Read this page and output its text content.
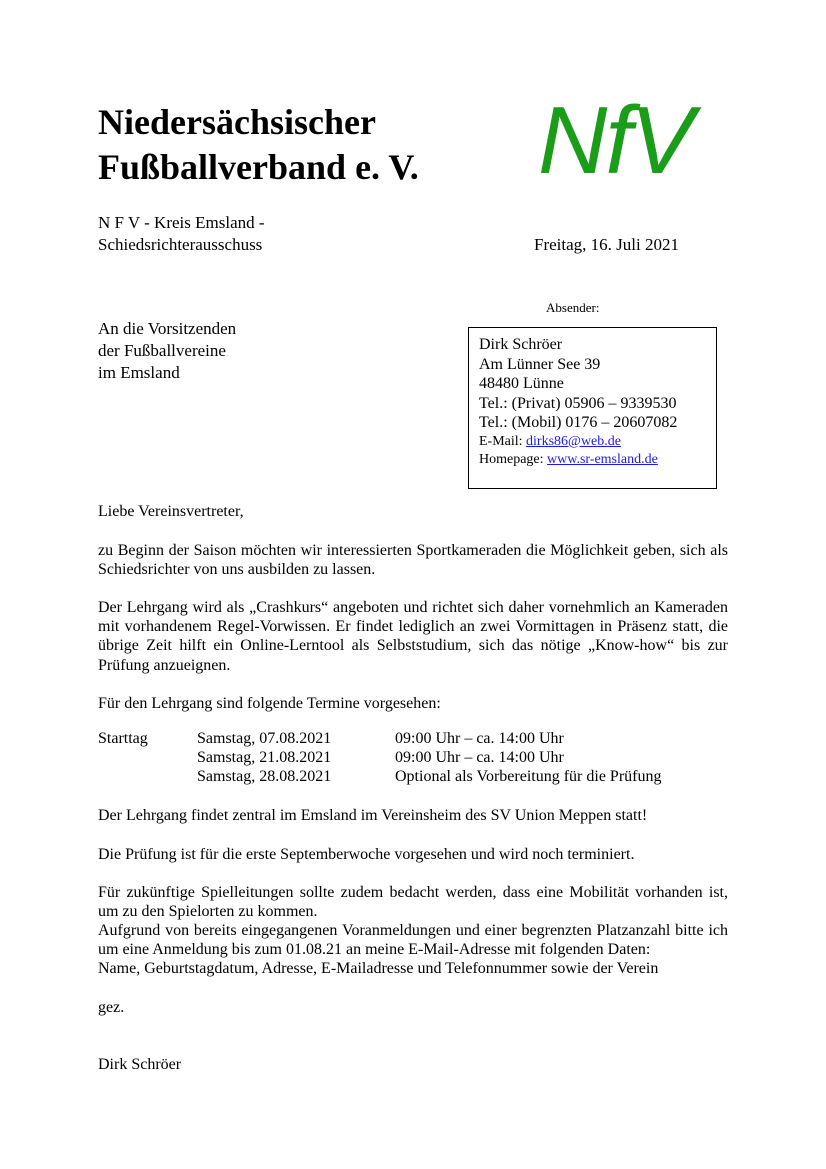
Niedersächsischer
Fußballverband e. V. NfV
N F V - Kreis Emsland -
Schiedsrichterausschuss	Freitag, 16. Juli 2021
Absender:
An die Vorsitzenden
der Fußballvereine
im Emsland
Dirk Schröer
Am Lünner See 39
48480 Lünne
Tel.: (Privat) 05906 – 9339530
Tel.: (Mobil) 0176 – 20607082
E-Mail: dirks86@web.de
Homepage: www.sr-emsland.de
Liebe Vereinsvertreter,
zu Beginn der Saison möchten wir interessierten Sportkameraden die Möglichkeit geben, sich als Schiedsrichter von uns ausbilden zu lassen.
Der Lehrgang wird als „Crashkurs“ angeboten und richtet sich daher vornehmlich an Kameraden mit vorhandenem Regel-Vorwissen. Er findet lediglich an zwei Vormittagen in Präsenz statt, die übrige Zeit hilft ein Online-Lerntool als Selbststudium, sich das nötige „Know-how“ bis zur Prüfung anzueignen.
Für den Lehrgang sind folgende Termine vorgesehen:
Starttag	Samstag, 07.08.2021	09:00 Uhr – ca. 14:00 Uhr
Samstag, 21.08.2021	09:00 Uhr – ca. 14:00 Uhr
Samstag, 28.08.2021	Optional als Vorbereitung für die Prüfung
Der Lehrgang findet zentral im Emsland im Vereinsheim des SV Union Meppen statt!
Die Prüfung ist für die erste Septemberwoche vorgesehen und wird noch terminiert.
Für zukünftige Spielleitungen sollte zudem bedacht werden, dass eine Mobilität vorhanden ist, um zu den Spielorten zu kommen.
Aufgrund von bereits eingegangenen Voranmeldungen und einer begrenzten Platzanzahl bitte ich um eine Anmeldung bis zum 01.08.21 an meine E-Mail-Adresse mit folgenden Daten:
Name, Geburtstagdatum, Adresse, E-Mailadresse und Telefonnummer sowie der Verein
gez.
Dirk Schröer
